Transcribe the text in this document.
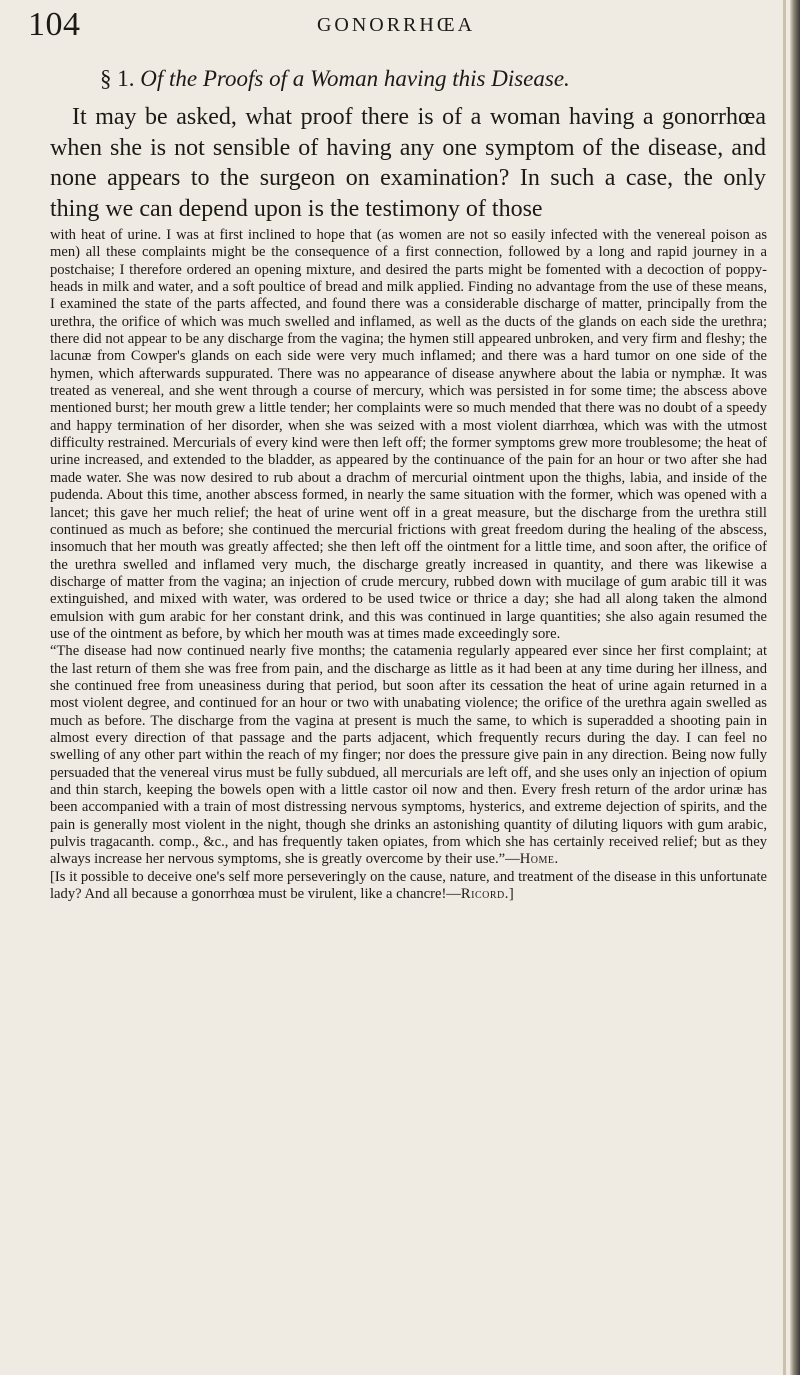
104	GONORRHŒA
§ 1. Of the Proofs of a Woman having this Disease.

It may be asked, what proof there is of a woman having a gonorrhœa when she is not sensible of having any one symptom of the disease, and none appears to the surgeon on examination? In such a case, the only thing we can depend upon is the testimony of those

with heat of urine. I was at first inclined to hope that (as women are not so easily infected with the venereal poison as men) all these complaints might be the consequence of a first connection, followed by a long and rapid journey in a postchaise; I therefore ordered an opening mixture, and desired the parts might be fomented with a decoction of poppy-heads in milk and water, and a soft poultice of bread and milk applied. Finding no advantage from the use of these means, I examined the state of the parts affected, and found there was a considerable discharge of matter, principally from the urethra, the orifice of which was much swelled and inflamed, as well as the ducts of the glands on each side the urethra; there did not appear to be any discharge from the vagina; the hymen still appeared unbroken, and very firm and fleshy; the lacunæ from Cowper's glands on each side were very much inflamed; and there was a hard tumor on one side of the hymen, which afterwards suppurated. There was no appearance of disease anywhere about the labia or nymphæ. It was treated as venereal, and she went through a course of mercury, which was persisted in for some time; the abscess above mentioned burst; her mouth grew a little tender; her complaints were so much mended that there was no doubt of a speedy and happy termination of her disorder, when she was seized with a most violent diarrhœa, which was with the utmost difficulty restrained. Mercurials of every kind were then left off; the former symptoms grew more troublesome; the heat of urine increased, and extended to the bladder, as appeared by the continuance of the pain for an hour or two after she had made water. She was now desired to rub about a drachm of mercurial ointment upon the thighs, labia, and inside of the pudenda. About this time, another abscess formed, in nearly the same situation with the former, which was opened with a lancet; this gave her much relief; the heat of urine went off in a great measure, but the discharge from the urethra still continued as much as before; she continued the mercurial frictions with great freedom during the healing of the abscess, insomuch that her mouth was greatly affected; she then left off the ointment for a little time, and soon after, the orifice of the urethra swelled and inflamed very much, the discharge greatly increased in quantity, and there was likewise a discharge of matter from the vagina; an injection of crude mercury, rubbed down with mucilage of gum arabic till it was extinguished, and mixed with water, was ordered to be used twice or thrice a day; she had all along taken the almond emulsion with gum arabic for her constant drink, and this was continued in large quantities; she also again resumed the use of the ointment as before, by which her mouth was at times made exceedingly sore.

“The disease had now continued nearly five months; the catamenia regularly appeared ever since her first complaint; at the last return of them she was free from pain, and the discharge as little as it had been at any time during her illness, and she continued free from uneasiness during that period, but soon after its cessation the heat of urine again returned in a most violent degree, and continued for an hour or two with unabating violence; the orifice of the urethra again swelled as much as before. The discharge from the vagina at present is much the same, to which is superadded a shooting pain in almost every direction of that passage and the parts adjacent, which frequently recurs during the day. I can feel no swelling of any other part within the reach of my finger; nor does the pressure give pain in any direction. Being now fully persuaded that the venereal virus must be fully subdued, all mercurials are left off, and she uses only an injection of opium and thin starch, keeping the bowels open with a little castor oil now and then. Every fresh return of the ardor urinæ has been accompanied with a train of most distressing nervous symptoms, hysterics, and extreme dejection of spirits, and the pain is generally most violent in the night, though she drinks an astonishing quantity of diluting liquors with gum arabic, pulvis tragacanth. comp., &c., and has frequently taken opiates, from which she has certainly received relief; but as they always increase her nervous symptoms, she is greatly overcome by their use.”—Home.

[Is it possible to deceive one's self more perseveringly on the cause, nature, and treatment of the disease in this unfortunate lady? And all because a gonorrhœa must be virulent, like a chancre!—Ricord.]
